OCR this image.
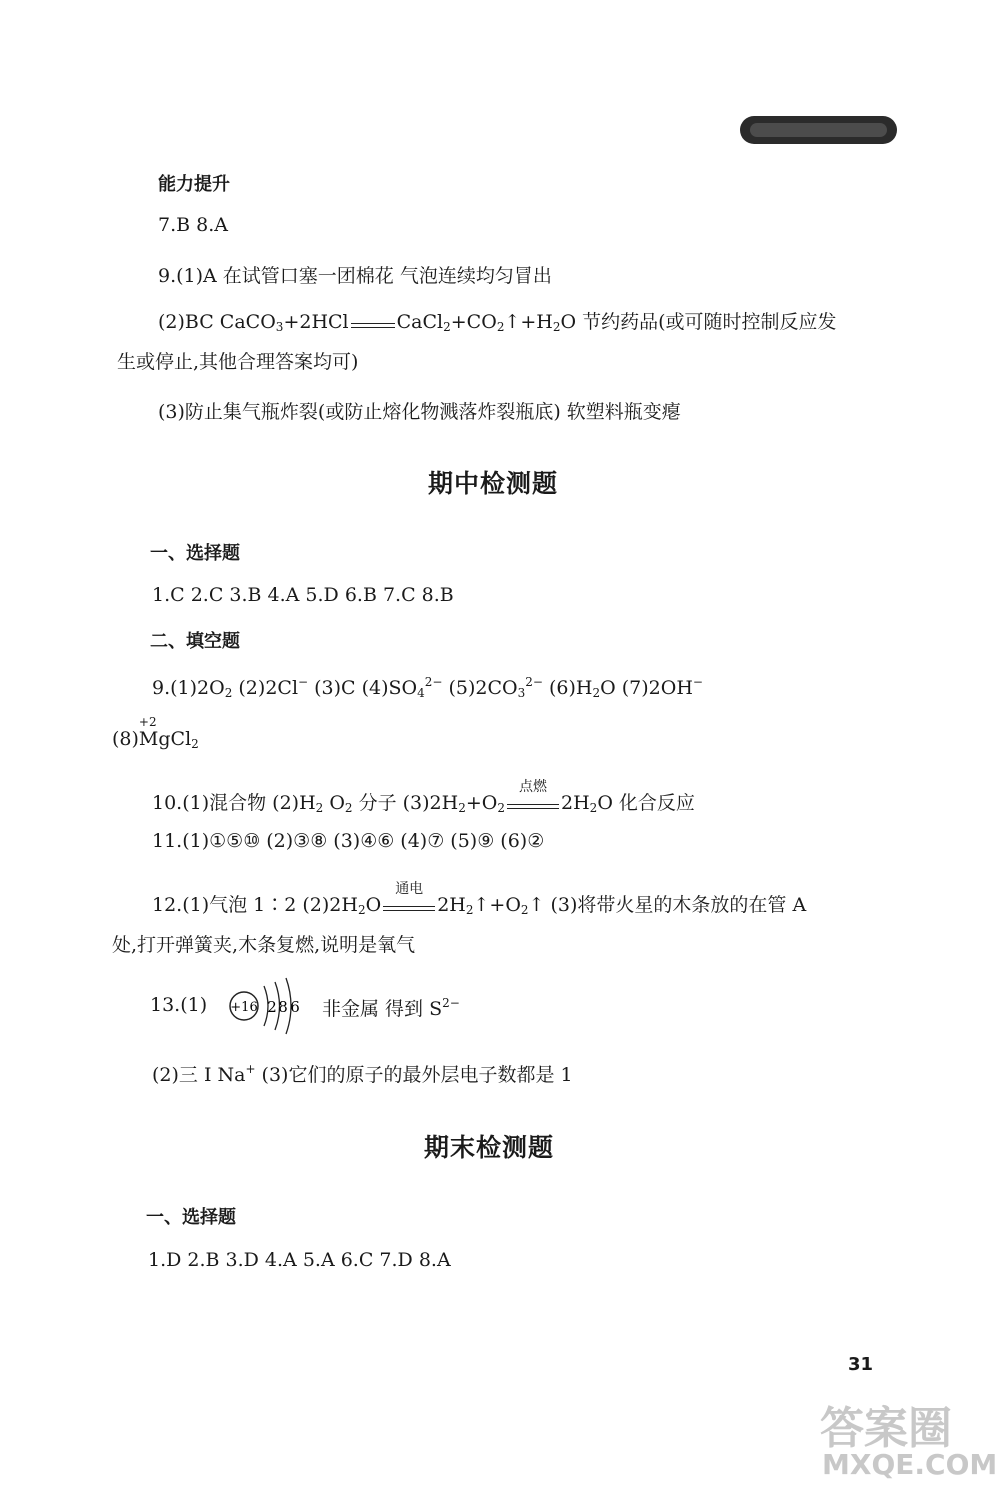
能力提升
7.B 8.A
9.(1)A 在试管口塞一团棉花 气泡连续均匀冒出
(2)BC CaCO$_3$+2HCl	$CaCl_2+CO_2↑+H_2O$ 节约药品(或可随时控制反应发
生或停止,其他合理答案均可)
(3)防止集气瓶炸裂(或防止熔化物溅落炸裂瓶底) 软塑料瓶变瘪
期中检测题
一、选择题
1.C 2.C 3.B 4.A 5.D 6.B 7.C 8.B
二、填空题
$9.(1)2O_2$ (2)2Cl− (3)C $(4)SO_4^{2-}$ $(5)2CO_3^{2-}$ $(6)H_2O$ (7)2OH−
(8)
+2
MgCl$_2$
10.(1)混合物 $(2)H_2$ $O_2$ 分子 $(3)2H_2+O_2$
点燃
$2H_2O$ 化合反应
11.(1)①⑤⑩ (2)③⑧ (3)④⑥ (4)⑦ (5)⑨ (6)②
12.(1)气泡 1∶2 $(2)2H_2O$
通电
$2H_2↑+O_2↑$ (3)将带火星的木条放的在管 A
处,打开弹簧夹,木条复燃,说明是氧气
13.(1) +16 2 8 6 非金属 得到 $S^{2-}$
(2)三 Ⅰ Na+ (3)它们的原子的最外层电子数都是 1
期末检测题
一、选择题
1.D 2.B 3.D 4.A 5.A 6.C 7.D 8.A
31
答案圈
MXQE.COM
